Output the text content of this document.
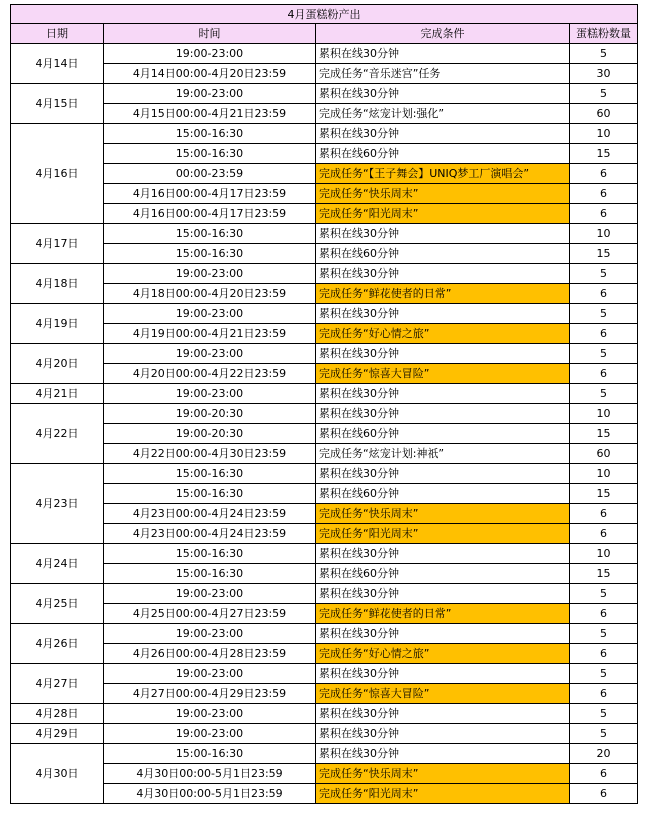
4月蛋糕粉产出			
日期	时间	完成条件	蛋糕粉数量
4月14日	19:00-23:00	累积在线30分钟	5
	4月14日00:00-4月20日23:59	完成任务“音乐迷宫”任务	30
4月15日	19:00-23:00	累积在线30分钟	5
	4月15日00:00-4月21日23:59	完成任务“炫宠计划:强化”	60
4月16日	15:00-16:30	累积在线30分钟	10
	15:00-16:30	累积在线60分钟	15
	00:00-23:59	完成任务“【王子舞会】UNIQ梦工厂演唱会”	6
	4月16日00:00-4月17日23:59	完成任务“快乐周末”	6
	4月16日00:00-4月17日23:59	完成任务“阳光周末”	6
4月17日	15:00-16:30	累积在线30分钟	10
	15:00-16:30	累积在线60分钟	15
4月18日	19:00-23:00	累积在线30分钟	5
	4月18日00:00-4月20日23:59	完成任务“鲜花使者的日常”	6
4月19日	19:00-23:00	累积在线30分钟	5
	4月19日00:00-4月21日23:59	完成任务“好心情之旅”	6
4月20日	19:00-23:00	累积在线30分钟	5
	4月20日00:00-4月22日23:59	完成任务“惊喜大冒险”	6
4月21日	19:00-23:00	累积在线30分钟	5
4月22日	19:00-20:30	累积在线30分钟	10
	19:00-20:30	累积在线60分钟	15
	4月22日00:00-4月30日23:59	完成任务“炫宠计划:神祇”	60
4月23日	15:00-16:30	累积在线30分钟	10
	15:00-16:30	累积在线60分钟	15
	4月23日00:00-4月24日23:59	完成任务“快乐周末”	6
	4月23日00:00-4月24日23:59	完成任务“阳光周末”	6
4月24日	15:00-16:30	累积在线30分钟	10
	15:00-16:30	累积在线60分钟	15
4月25日	19:00-23:00	累积在线30分钟	5
	4月25日00:00-4月27日23:59	完成任务“鲜花使者的日常”	6
4月26日	19:00-23:00	累积在线30分钟	5
	4月26日00:00-4月28日23:59	完成任务“好心情之旅”	6
4月27日	19:00-23:00	累积在线30分钟	5
	4月27日00:00-4月29日23:59	完成任务“惊喜大冒险”	6
4月28日	19:00-23:00	累积在线30分钟	5
4月29日	19:00-23:00	累积在线30分钟	5
4月30日	15:00-16:30	累积在线30分钟	20
	4月30日00:00-5月1日23:59	完成任务“快乐周末”	6
	4月30日00:00-5月1日23:59	完成任务“阳光周末”	6
